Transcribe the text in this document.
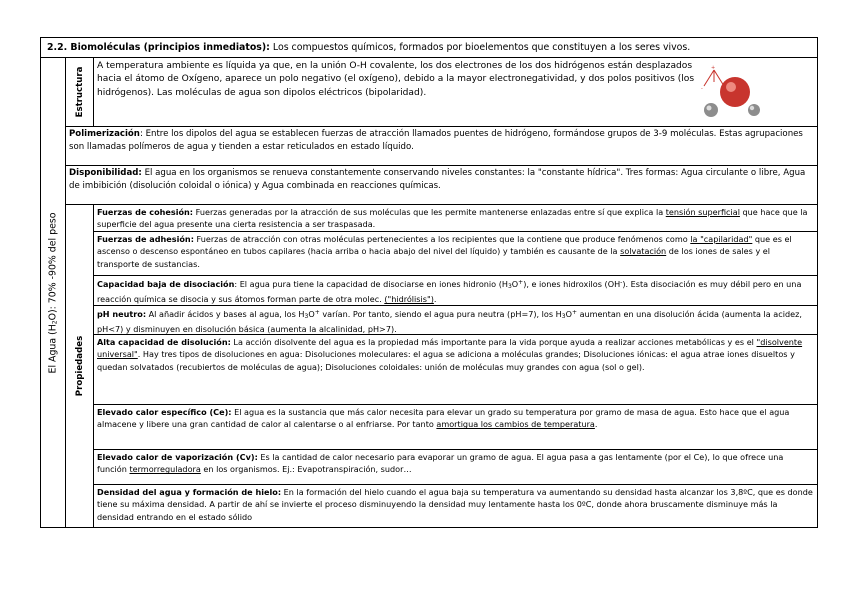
2.2. Biomoléculas (principios inmediatos): Los compuestos químicos, formados por bioelementos que constituyen a los seres vivos.
El Agua (H2O): 70% -90% del peso
Estructura
A temperatura ambiente es líquida ya que, en la unión O-H covalente, los dos electrones de los dos hidrógenos están desplazados hacia el átomo de Oxígeno, aparece un polo negativo (el oxígeno), debido a la mayor electronegatividad, y dos polos positivos (los hidrógenos). Las moléculas de agua son dipolos eléctricos (bipolaridad).
+
-
Polimerización: Entre los dipolos del agua se establecen fuerzas de atracción llamados puentes de hidrógeno, formándose grupos de 3-9 moléculas. Estas agrupaciones son llamadas polímeros de agua y tienden a estar reticulados en estado líquido.
Disponibilidad: El agua en los organismos se renueva constantemente conservando niveles constantes: la "constante hídrica". Tres formas: Agua circulante o libre, Agua de imbibición (disolución coloidal o iónica) y Agua combinada en reacciones químicas.
Propiedades
Fuerzas de cohesión: Fuerzas generadas por la atracción de sus moléculas que les permite mantenerse enlazadas entre sí que explica la tensión superficial que hace que la superficie del agua presente una cierta resistencia a ser traspasada.
Fuerzas de adhesión: Fuerzas de atracción con otras moléculas pertenecientes a los recipientes que la contiene que produce fenómenos como la "capilaridad" que es el ascenso o descenso espontáneo en tubos capilares (hacia arriba o hacia abajo del nivel del líquido) y también es causante de la solvatación de los iones de sales y el transporte de sustancias.
Capacidad baja de disociación: El agua pura tiene la capacidad de disociarse en iones hidronio (H3O+), e iones hidroxilos (OH-). Esta disociación es muy débil pero en una reacción química se disocia y sus átomos forman parte de otra molec. ("hidrólisis").
pH neutro: Al añadir ácidos y bases al agua, los H3O+ varían. Por tanto, siendo el agua pura neutra (pH=7), los H3O+ aumentan en una disolución ácida (aumenta la acidez, pH<7) y disminuyen en disolución básica (aumenta la alcalinidad, pH>7).
Alta capacidad de disolución: La acción disolvente del agua es la propiedad más importante para la vida porque ayuda a realizar acciones metabólicas y es el "disolvente universal". Hay tres tipos de disoluciones en agua: Disoluciones moleculares: el agua se adiciona a moléculas grandes; Disoluciones iónicas: el agua atrae iones disueltos y quedan solvatados (recubiertos de moléculas de agua); Disoluciones coloidales: unión de moléculas muy grandes con agua (sol o gel).
Elevado calor específico (Ce): El agua es la sustancia que más calor necesita para elevar un grado su temperatura por gramo de masa de agua. Esto hace que el agua almacene y libere una gran cantidad de calor al calentarse o al enfriarse. Por tanto amortigua los cambios de temperatura.
Elevado calor de vaporización (Cv): Es la cantidad de calor necesario para evaporar un gramo de agua. El agua pasa a gas lentamente (por el Ce), lo que ofrece una función termorreguladora en los organismos. Ej.: Evapotranspiración, sudor…
Densidad del agua y formación de hielo: En la formación del hielo cuando el agua baja su temperatura va aumentando su densidad hasta alcanzar los 3,8ºC, que es donde tiene su máxima densidad. A partir de ahí se invierte el proceso disminuyendo la densidad muy lentamente hasta los 0ºC, donde ahora bruscamente disminuye más la densidad entrando en el estado sólido
